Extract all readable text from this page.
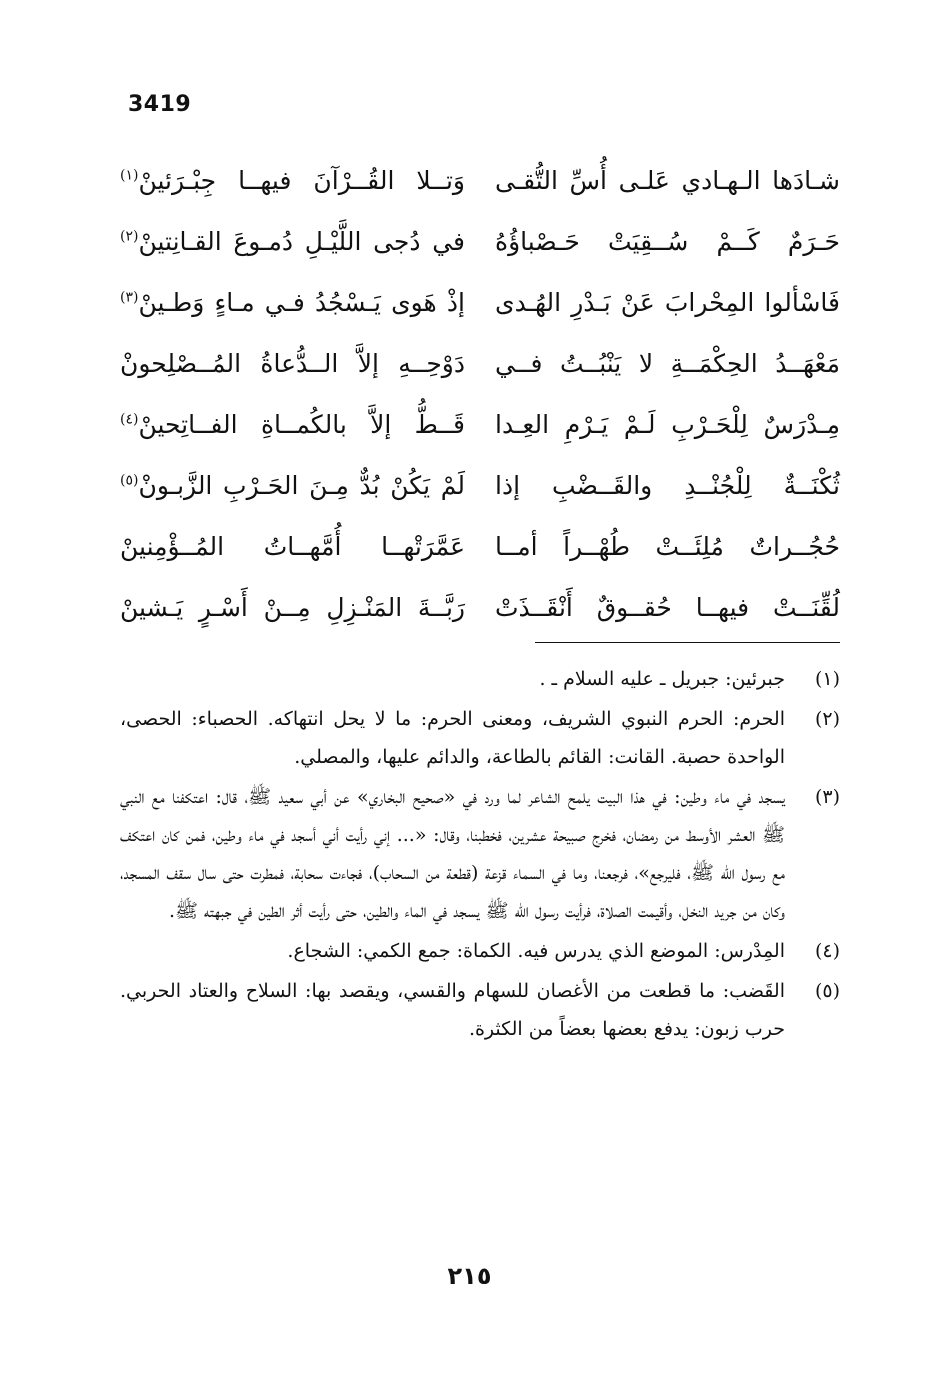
3419
شـادَها الـهـادي عَلـى أُسِّ التُّقـى
وَتــلا القُــرْآنَ فيهــا جِبْـرَئينْ$^{(١)}$
حَـرَمٌ كَــمْ سُــقِيَتْ حَـصْباؤُهُ
في دُجى اللَّيْـلِ دُمـوعَ القـانِتينْ$^{(٢)}$
فَاسْألوا المِحْرابَ عَنْ بَـدْرِ الهُـدى
إذْ هَوى يَـسْجُدُ فـي مـاءٍ وَطـينْ$^{(٣)}$
مَعْهَــدُ الحِكْمَــةِ لا يَنْبُــتُ فــي
دَوْحِــهِ إلاَّ الــدُّعاةُ المُــصْلِحونْ
مِـدْرَسٌ لِلْحَـرْبِ لَـمْ يَـرْمِ العِـدا
قَــطُّ إلاَّ بالكُمــاةِ الفــاتِحينْ$^{(٤)}$
ثُكْنَــةٌ لِلْجُنْــدِ والقَــضْبِ إذا
لَمْ يَكُنْ بُدٌّ مِـنَ الحَـرْبِ الزَّبـونْ$^{(٥)}$
حُجُــراتٌ مُلِئَــتْ طُهْــراً أمــا
عَمَّرَتْهــا أُمَّهــاتُ المُــؤْمِنينْ
لُقِّنَــتْ فيهــا حُقــوقٌ أَنْقَــذَتْ
رَبَّــةَ المَنْـزِلِ مِــنْ أَسْـرٍ يَـشينْ
(١)
جبرئين: جبريل ـ عليه السلام ـ .
(٢)
الحرم: الحرم النبوي الشريف، ومعنى الحرم: ما لا يحل انتهاكه. الحصباء: الحصى، الواحدة حصبة. القانت: القائم بالطاعة، والدائم عليها، والمصلي.
(٣)
يسجد في ماء وطين: في هذا البيت يلمح الشاعر لما ورد في «صحيح البخاري» عن أبي سعيد ﷺ، قال: اعتكفنا مع النبي ﷺ العشر الأوسط من رمضان، فخرج صبيحة عشرين، فخطبنا، وقال: «... إني رأيت أني أسجد في ماء وطين، فمن كان اعتكف مع رسول الله ﷺ، فليرجع»، فرجعنا، وما في السماء قزعة (قطعة من السحاب)، فجاءت سحابة، فمطرت حتى سال سقف المسجد، وكان من جريد النخل، وأقيمت الصلاة، فرأيت رسول الله ﷺ يسجد في الماء والطين، حتى رأيت أثر الطين في جبهته ﷺ.
(٤)
المِدْرس: الموضع الذي يدرس فيه. الكماة: جمع الكمي: الشجاع.
(٥)
القَضب: ما قطعت من الأغصان للسهام والقسي، ويقصد بها: السلاح والعتاد الحربي. حرب زبون: يدفع بعضها بعضاً من الكثرة.
٢١٥
